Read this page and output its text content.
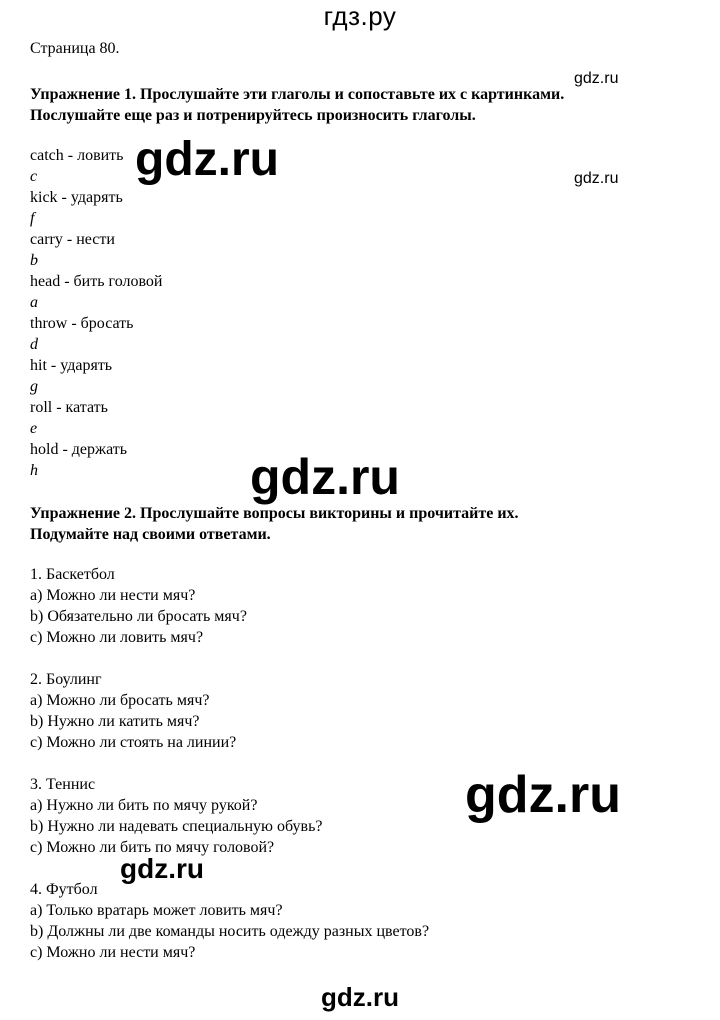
гдз.ру
Страница 80.
gdz.ru
Упражнение 1. Прослушайте эти глаголы и сопоставьте их с картинками.
Послушайте еще раз и потренируйтесь произносить глаголы.
gdz.ru	gdz.ru
catch - ловить
c
kick - ударять
f
carry - нести
b
head - бить головой
a
throw - бросать
d
hit - ударять
g
roll - катать
e
hold - держать
h	gdz.ru
Упражнение 2. Прослушайте вопросы викторины и прочитайте их.
Подумайте над своими ответами.
1. Баскетбол
a) Можно ли нести мяч?
b) Обязательно ли бросать мяч?
c) Можно ли ловить мяч?
2. Боулинг
a) Можно ли бросать мяч?
b) Нужно ли катить мяч?
c) Можно ли стоять на линии?
3. Теннис
a) Нужно ли бить по мячу рукой?
b) Нужно ли надевать специальную обувь?
c) Можно ли бить по мячу головой?
gdz.ru
gdz.ru
4. Футбол
a) Только вратарь может ловить мяч?
b) Должны ли две команды носить одежду разных цветов?
c) Можно ли нести мяч?
gdz.ru
